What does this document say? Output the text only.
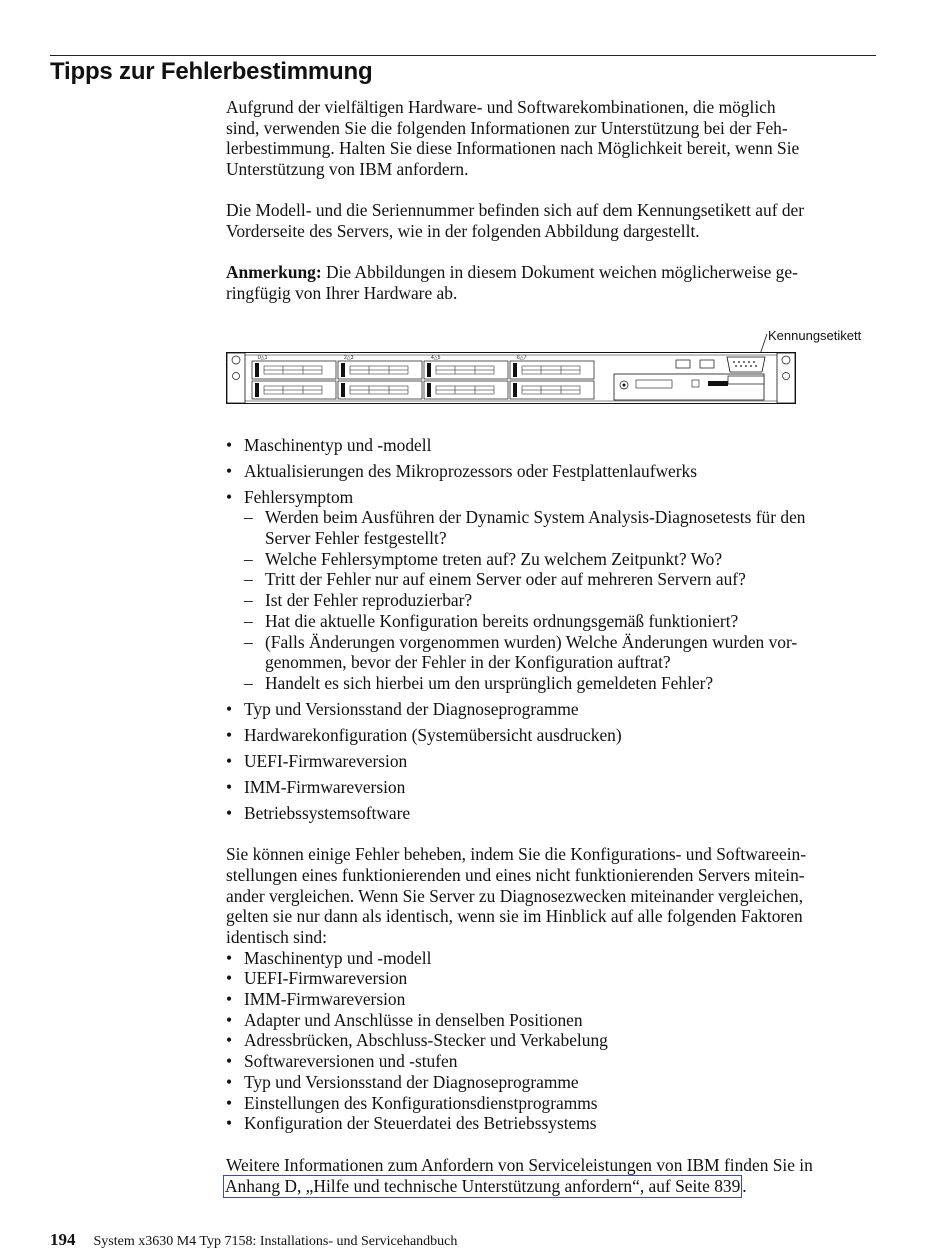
Tipps zur Fehlerbestimmung

Aufgrund der vielfältigen Hardware- und Softwarekombinationen, die möglich
sind, verwenden Sie die folgenden Informationen zur Unterstützung bei der Feh-
lerbestimmung. Halten Sie diese Informationen nach Möglichkeit bereit, wenn Sie
Unterstützung von IBM anfordern.

Die Modell- und die Seriennummer befinden sich auf dem Kennungsetikett auf der
Vorderseite des Servers, wie in der folgenden Abbildung dargestellt.

Anmerkung: Die Abbildungen in diesem Dokument weichen möglicherweise ge-
ringfügig von Ihrer Hardware ab.

Kennungsetikett
0△1	2△3	4△5	6△7
• Maschinentyp und -modell
• Aktualisierungen des Mikroprozessors oder Festplattenlaufwerks
• Fehlersymptom
– Werden beim Ausführen der Dynamic System Analysis-Diagnosetests für den
Server Fehler festgestellt?
– Welche Fehlersymptome treten auf? Zu welchem Zeitpunkt? Wo?
– Tritt der Fehler nur auf einem Server oder auf mehreren Servern auf?
– Ist der Fehler reproduzierbar?
– Hat die aktuelle Konfiguration bereits ordnungsgemäß funktioniert?
– (Falls Änderungen vorgenommen wurden) Welche Änderungen wurden vor-
genommen, bevor der Fehler in der Konfiguration auftrat?
– Handelt es sich hierbei um den ursprünglich gemeldeten Fehler?
• Typ und Versionsstand der Diagnoseprogramme
• Hardwarekonfiguration (Systemübersicht ausdrucken)
• UEFI-Firmwareversion
• IMM-Firmwareversion
• Betriebssystemsoftware

Sie können einige Fehler beheben, indem Sie die Konfigurations- und Softwareein-
stellungen eines funktionierenden und eines nicht funktionierenden Servers mitein-
ander vergleichen. Wenn Sie Server zu Diagnosezwecken miteinander vergleichen,
gelten sie nur dann als identisch, wenn sie im Hinblick auf alle folgenden Faktoren
identisch sind:

• Maschinentyp und -modell
• UEFI-Firmwareversion
• IMM-Firmwareversion
• Adapter und Anschlüsse in denselben Positionen
• Adressbrücken, Abschluss-Stecker und Verkabelung
• Softwareversionen und -stufen
• Typ und Versionsstand der Diagnoseprogramme
• Einstellungen des Konfigurationsdienstprogramms
• Konfiguration der Steuerdatei des Betriebssystems

Weitere Informationen zum Anfordern von Serviceleistungen von IBM finden Sie in
Anhang D, „Hilfe und technische Unterstützung anfordern“, auf Seite 839 .

194 System x3630 M4 Typ 7158: Installations- und Servicehandbuch
